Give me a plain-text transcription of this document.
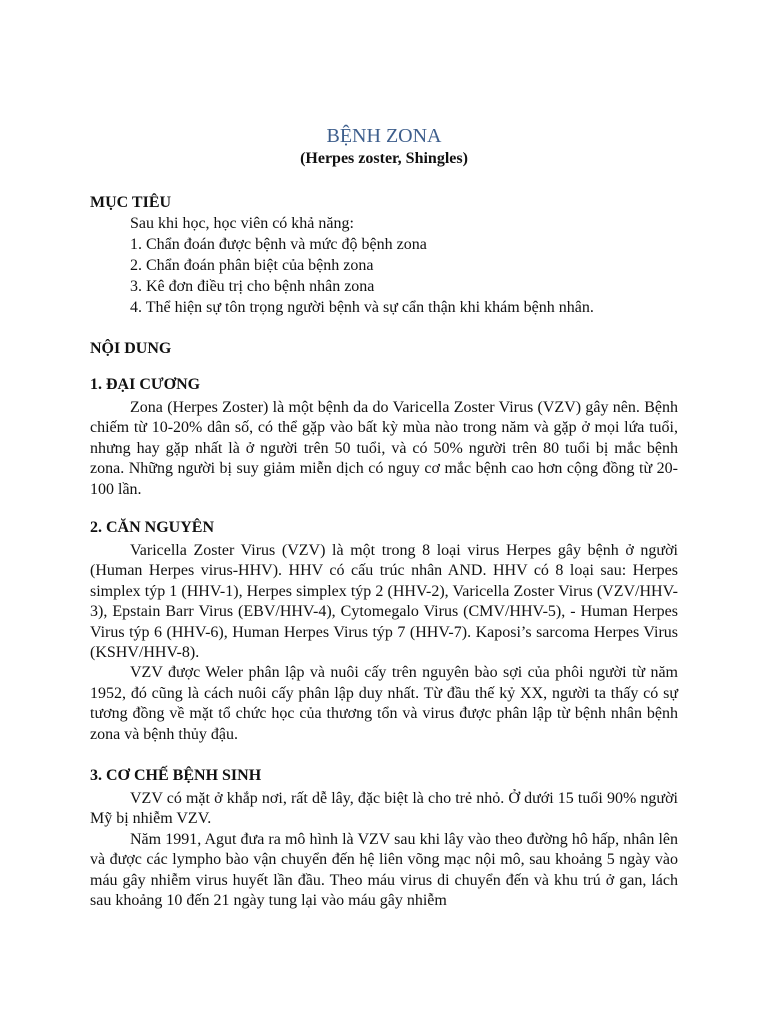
BỆNH ZONA
(Herpes zoster, Shingles)
MỤC TIÊU
Sau khi học, học viên có khả năng:
1. Chẩn đoán được bệnh và mức độ bệnh zona
2. Chẩn đoán phân biệt của bệnh zona
3. Kê đơn điều trị cho bệnh nhân zona
4. Thể hiện sự tôn trọng người bệnh và sự cẩn thận khi khám bệnh nhân.
NỘI DUNG
1. ĐẠI CƯƠNG

Zona (Herpes Zoster) là một bệnh da do Varicella Zoster Virus (VZV) gây nên. Bệnh chiếm từ 10-20% dân số, có thể gặp vào bất kỳ mùa nào trong năm và gặp ở mọi lứa tuổi, nhưng hay gặp nhất là ở người trên 50 tuổi, và có 50% người trên 80 tuổi bị mắc bệnh zona. Những người bị suy giảm miễn dịch có nguy cơ mắc bệnh cao hơn cộng đồng từ 20-100 lần.

2. CĂN NGUYÊN

Varicella Zoster Virus (VZV) là một trong 8 loại virus Herpes gây bệnh ở người (Human Herpes virus-HHV). HHV có cấu trúc nhân AND. HHV có 8 loại sau: Herpes simplex týp 1 (HHV-1), Herpes simplex týp 2 (HHV-2), Varicella Zoster Virus (VZV/HHV-3), Epstain Barr Virus (EBV/HHV-4), Cytomegalo Virus (CMV/HHV-5), - Human Herpes Virus týp 6 (HHV-6), Human Herpes Virus týp 7 (HHV-7). Kaposi’s sarcoma Herpes Virus (KSHV/HHV-8).

VZV được Weler phân lập và nuôi cấy trên nguyên bào sợi của phôi người từ năm 1952, đó cũng là cách nuôi cấy phân lập duy nhất. Từ đầu thế kỷ XX, người ta thấy có sự tương đồng về mặt tổ chức học của thương tổn và virus được phân lập từ bệnh nhân bệnh zona và bệnh thủy đậu.

3. CƠ CHẾ BỆNH SINH

VZV có mặt ở khắp nơi, rất dễ lây, đặc biệt là cho trẻ nhỏ. Ở dưới 15 tuổi 90% người Mỹ bị nhiễm VZV.

Năm 1991, Agut đưa ra mô hình là VZV sau khi lây vào theo đường hô hấp, nhân lên và được các lympho bào vận chuyển đến hệ liên võng mạc nội mô, sau khoảng 5 ngày vào máu gây nhiễm virus huyết lần đầu. Theo máu virus di chuyển đến và khu trú ở gan, lách sau khoảng 10 đến 21 ngày tung lại vào máu gây nhiễm
